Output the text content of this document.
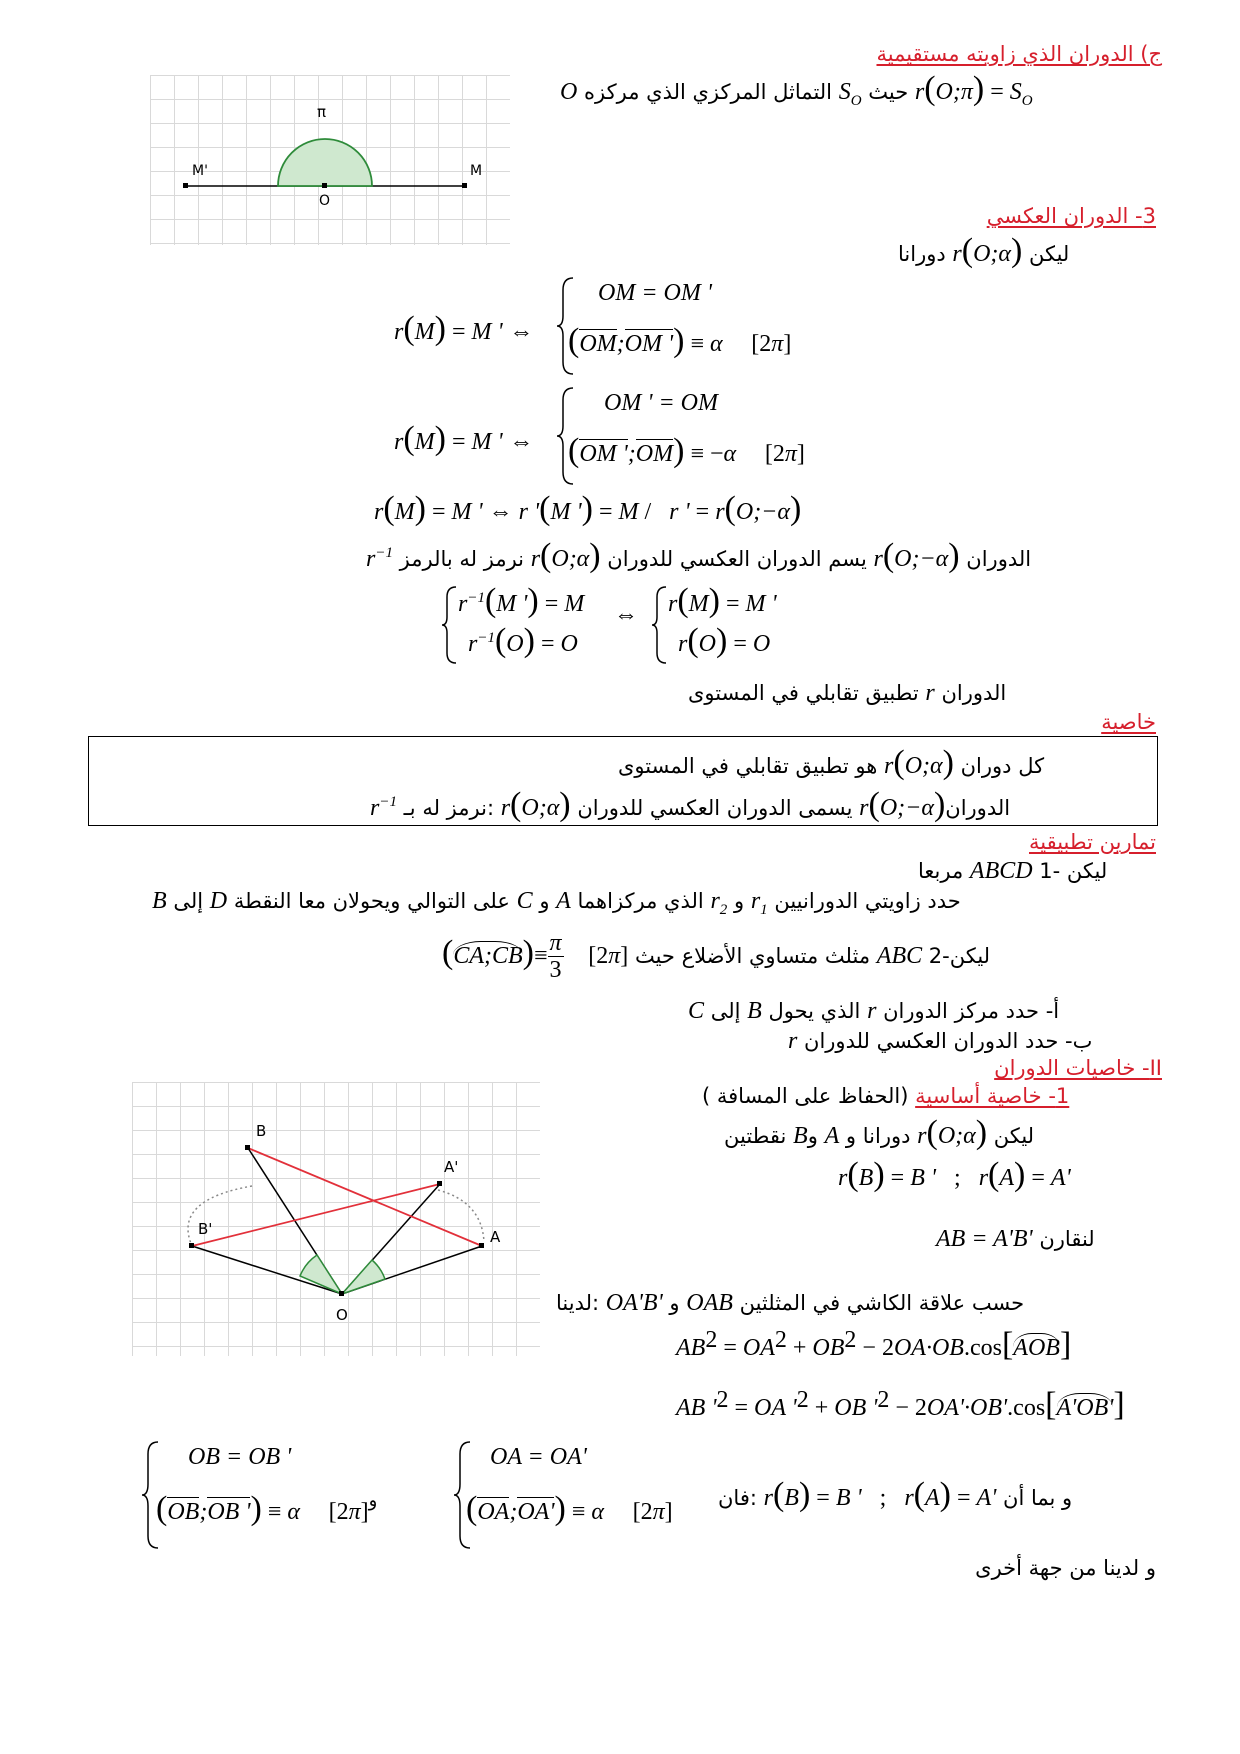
ج) الدوران الذي زاويته مستقيمية
O التماثل المركزي الذي مركزه $S_O$ حيث r(O;π) = $S_O$
π
M'
O
M
3- الدوران العكسي
دورانا r(O;α) ليكن
r(M) = M ' ⇔
OM = OM '
(OM;OM ') ≡ α [2π]
r(M) = M ' ⇔
OM ' = OM
(OM ';OM) ≡ −α [2π]
r(M) = M ' ⇔ r '(M ') = M /   r ' = r(O;−α)
$r^{-1}$ نرمز له بالرمز r(O;α) يسم الدوران العكسي للدوران r(O;−α) الدوران
$r^{-1}(M$ ') = M
$r^{-1}(O) = O$
⇔ r(M) = M '
r(O) = O
تطبيق تقابلي في المستوى r الدوران
خاصية
هو تطبيق تقابلي في المستوى r(O;α) كل دوران
$r^{-1}$ نرمز له بـ: r(O;α) يسمى الدوران العكسي للدوران r(O;−α)الدوران
تمارين تطبيقية
مربعا ABCD ليكن -1
B إلى D على التوالي ويحولان معا النقطة C و A الذي مركزاهما $r_2$ و $r_1$ حدد زاويتي الدورانيين
(CA;CB)≡ $\frac{\pi}{3} [2\pi]$ مثلث متساوي الأضلاع حيث ABC ليكن-2
C إلى B الذي يحول r أ- حدد مركز الدوران
r ب- حدد الدوران العكسي للدوران
II- خاصيات الدوران
( الحفاظ على المسافة) 1- خاصية أساسية
نقطتين Bو A دورانا و r(O;α) ليكن
r(B) = B ' ; r(A) = A'
AB = A'B' لنقارن
B
B'
A'
A
O	لدينا: OA'B' و OAB حسب علاقة الكاشي في المثلثين
$AB^2 = OA^2 + OB^2 - 2OA\cdot OB.\cos[AOB]$
AB '$^2$ = OA '$^2$ + OB '$^2 - 2OA'\cdot OB'.\cos[A'OB']$
OB = OB '
(OB;OB ') ≡ α [2π]و
OA = OA'
(OA;OA') ≡ α [2π]
فان: r(B) = B ' ; r(A) = A' و بما أن
و لدينا من جهة أخرى
